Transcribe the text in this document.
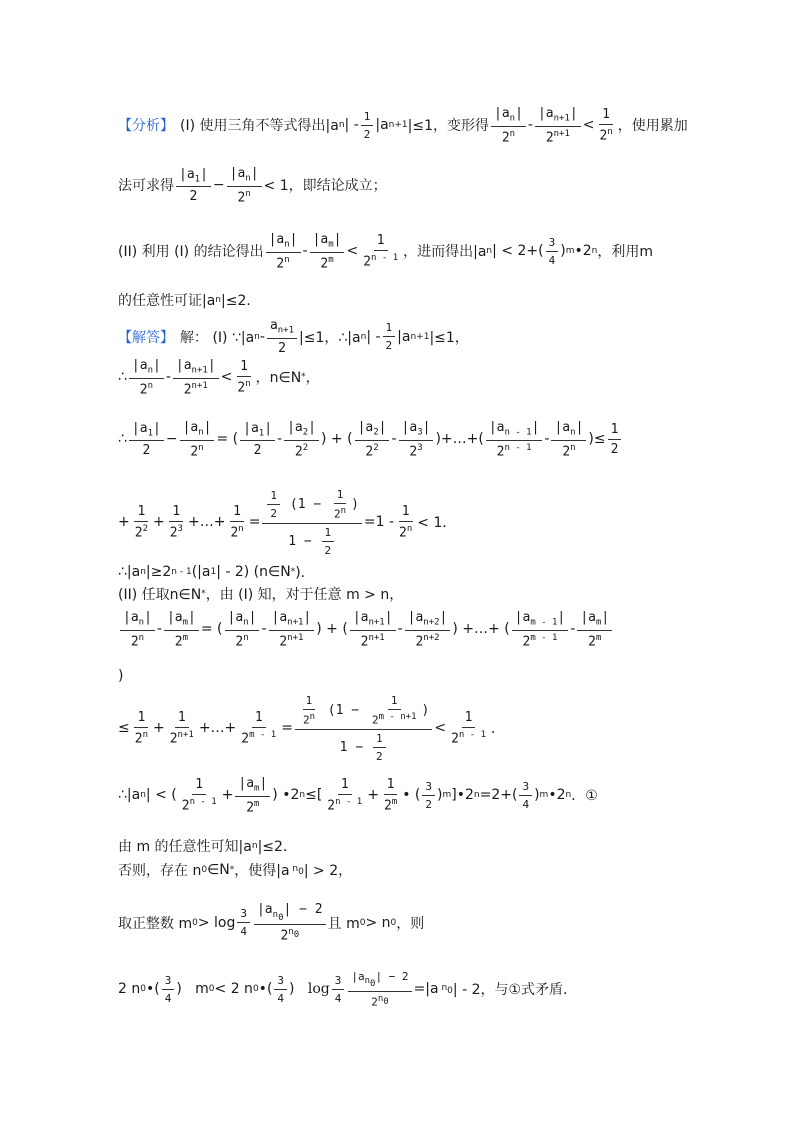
【分析】 (I) 使用三角不等式得出|a n | - $\frac{1}{2} |a$ n+1 |≤1，变形得 $\frac{|a_n|}{2^n} - \frac{|a_{n+1}|}{2^{n+1}} < \frac{1}{2^n}$ ，使用累加
法可求得 $\frac{|a_1|}{2} - \frac{|a_n|}{2^n} < 1$，即结论成立；
(II) 利用 (I) 的结论得出 $\frac{|a_n|}{2^n} - \frac{|a_m|}{2^m} < \frac{1}{2^{n - 1}}$ ，进而得出|a n | < 2+ ( $\frac{3}{4}$ ) m •2 n ，利用m
的任意性可证|a n |≤2．
【解答】 解： (I) ∵|a $n - \frac{a_{n+1}}{2} |\le 1$，∴|a n | - $\frac{1}{2} |a$ n+1 |≤1，
∴ $\frac{|a_n|}{2^n} - \frac{|a_{n+1}|}{2^{n+1}} < \frac{1}{2^n}$ ，n∈N * ，
∴ $\frac{|a_1|}{2} - \frac{|a_n|}{2^n}$ = ( $\frac{|a_1|}{2} - \frac{|a_2|}{2^2}$ ) + ( $\frac{|a_2|}{2^2} - \frac{|a_3|}{2^3}$ ) +…+ ( $\frac{|a_{n - 1}|}{2^{n - 1}} - \frac{|a_n|}{2^n}$ ) ≤ $\frac{1}{2}$
+ $\frac{1}{2^2} + \frac{1}{2^3}$ +…+ $\frac{1}{2^n} = \frac{\frac{1}{2} (1 - \frac{1}{2^n} )}{1 - \frac{1}{2}} =1 - \frac{1}{2^n} < 1$．
∴|a n |≥2 n - 1 (|a 1 | - 2) (n∈N * )．
(II) 任取n∈N * ，由 (I) 知，对于任意 m > n，
$\frac{|a_n|}{2^n} - \frac{|a_m|}{2^m}$ = ( $\frac{|a_n|}{2^n} - \frac{|a_{n+1}|}{2^{n+1}}$ ) + ( $\frac{|a_{n+1}|}{2^{n+1}} - \frac{|a_{n+2}|}{2^{n+2}}$ ) +…+ ( $\frac{|a_{m - 1}|}{2^{m - 1}} - \frac{|a_m|}{2^m}$
)
≤ $\frac{1}{2^n} + \frac{1}{2^{n+1}}$ +…+ $\frac{1}{2^{m - 1}} = \frac{\frac{1}{2^n} (1 - \frac{1}{2^{m - n+1}} )}{1 - \frac{1}{2}} < \frac{1}{2^{n - 1}}$ ．
∴|a n | < ( $\frac{1}{2^{n - 1}} + \frac{|a_m|}{2^m}$ ) •2 n ≤[ $\frac{1}{2^{n - 1}} + \frac{1}{2^m}$ • ( $\frac{3}{2}$ ) m ]•2 n =2+ ( $\frac{3}{4}$ ) m •2 n ．①
由 m 的任意性可知|a n |≤2．
否则，存在 n 0 ∈N * ，使得|a $n_0$ | > 2，
取正整数 m $0 > \log \frac{3}{4} \frac{|a_{n_0}| - 2}{2^{n_0}}$ 且 m 0 > n 0 ，则
2 n 0 • ( $\frac{3}{4}$ ) m 0 < 2 n 0 • ( $\frac{3}{4}$ ) $\log \frac{3}{4} \frac{|a_{n_0}| - 2}{2^{n_0}} =|a$ $n_0$ | - 2，与①式矛盾．
